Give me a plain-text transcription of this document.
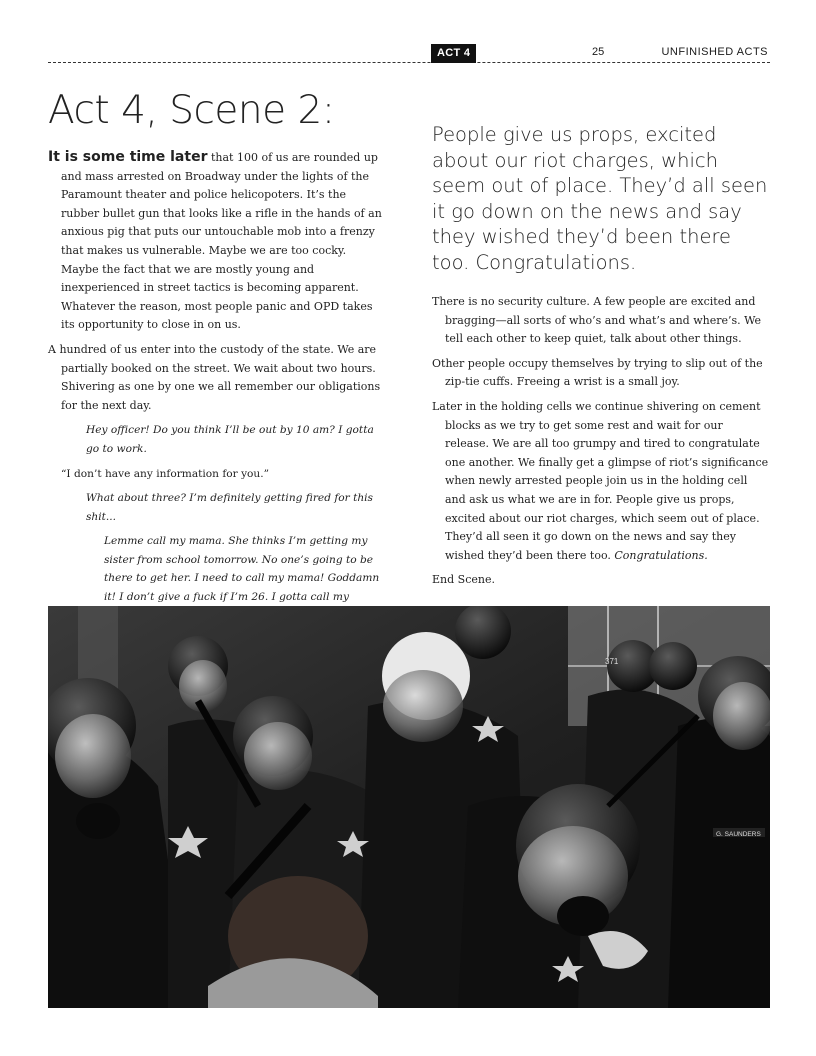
ACT 4	25	UNFINISHED ACTS
Act 4, Scene 2:

It is some time later that 100 of us are rounded up and mass arrested on Broadway under the lights of the Paramount theater and police helicopoters. It’s the rubber bullet gun that looks like a rifle in the hands of an anxious pig that puts our untouchable mob into a frenzy that makes us vulnerable. Maybe we are too cocky. Maybe the fact that we are mostly young and inexperienced in street tactics is becoming apparent. Whatever the reason, most people panic and OPD takes its opportunity to close in on us.

A hundred of us enter into the custody of the state. We are partially booked on the street. We wait about two hours. Shivering as one by one we all remember our obligations for the next day.

Hey officer! Do you think I’ll be out by 10 am? I gotta go to work.

“I don’t have any information for you.”

What about three? I’m definitely getting fired for this shit...

Lemme call my mama. She thinks I’m getting my sister from school tomorrow. No one’s going to be there to get her. I need to call my mama! Goddamn it! I don’t give a fuck if I’m 26. I gotta call my

People give us props, excited about our riot charges, which seem out of place. They’d all seen it go down on the news and say they wished they’d been there too. Congratulations.

There is no security culture. A few people are excited and bragging—all sorts of who’s and what’s and where’s. We tell each other to keep quiet, talk about other things.

Other people occupy themselves by trying to slip out of the zip-tie cuffs. Freeing a wrist is a small joy.

Later in the holding cells we continue shivering on cement blocks as we try to get some rest and wait for our release. We are all too grumpy and tired to congratulate one another. We finally get a glimpse of riot’s significance when newly arrested people join us in the holding cell and ask us what we are in for. People give us props, excited about our riot charges, which seem out of place. They’d all seen it go down on the news and say they wished they’d been there too. Congratulations.

End Scene.

G. SAUNDERS
371
